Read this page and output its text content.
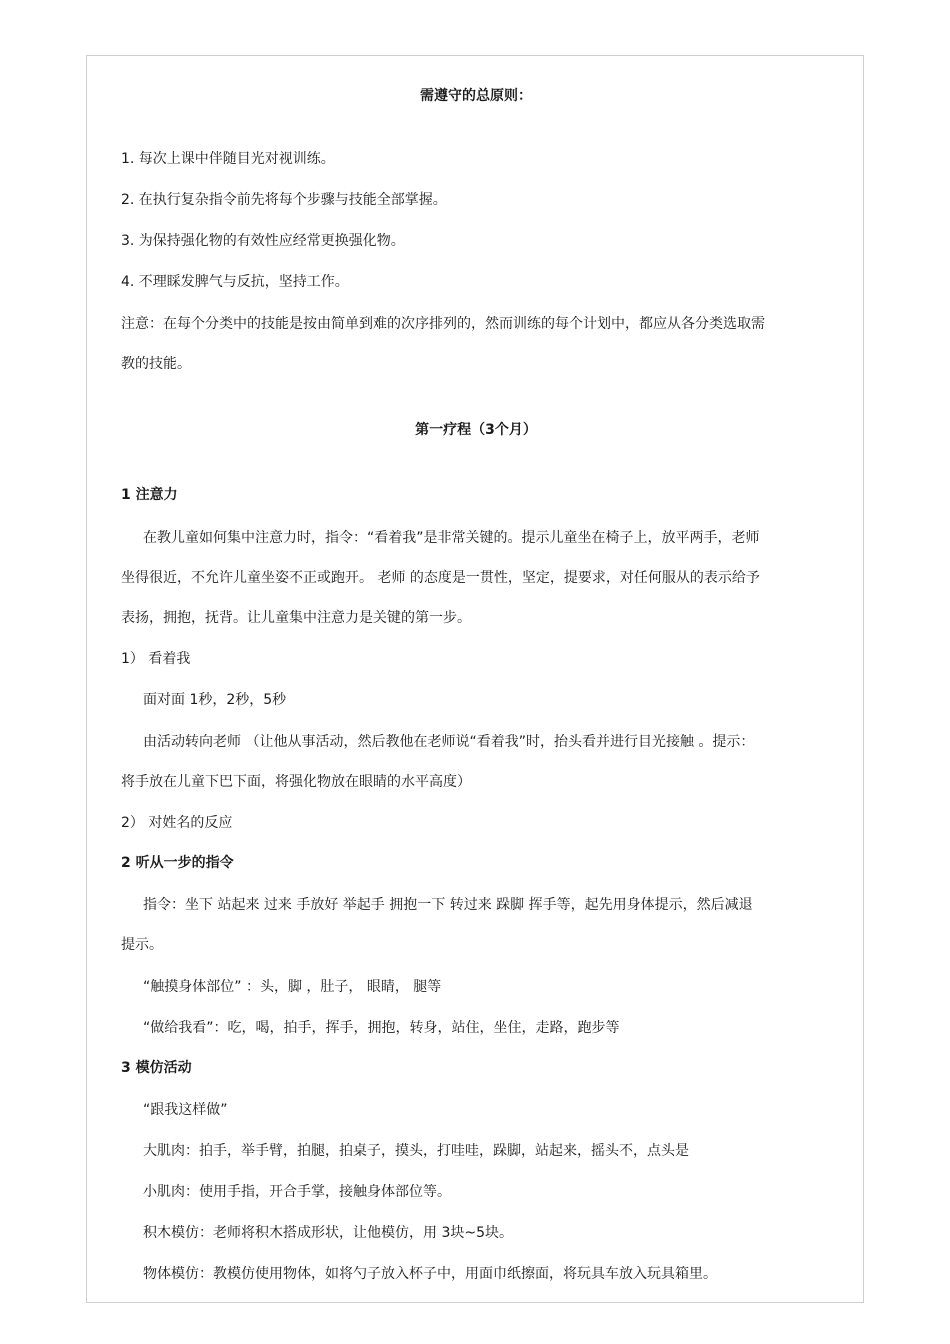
需遵守的总原则：
1. 每次上课中伴随目光对视训练。
2. 在执行复杂指令前先将每个步骤与技能全部掌握。
3. 为保持强化物的有效性应经常更换强化物。
4. 不理睬发脾气与反抗，坚持工作。
注意：在每个分类中的技能是按由简单到难的次序排列的，然而训练的每个计划中，都应从各分类选取需
教的技能。
第一疗程（3个月）
1 注意力
在教儿童如何集中注意力时，指令：“看着我”是非常关键的。提示儿童坐在椅子上，放平两手，老师
坐得很近，不允许儿童坐姿不正或跑开。 老师 的态度是一贯性，坚定，提要求，对任何服从的表示给予
表扬，拥抱，抚背。让儿童集中注意力是关键的第一步。
1） 看着我
面对面 1秒，2秒，5秒
由活动转向老师 （让他从事活动，然后教他在老师说“看着我”时，抬头看并进行目光接触 。提示：
将手放在儿童下巴下面，将强化物放在眼睛的水平高度）
2） 对姓名的反应
2 听从一步的指令
指令：坐下 站起来 过来 手放好 举起手 拥抱一下 转过来 跺脚 挥手等，起先用身体提示，然后减退
提示。
“触摸身体部位” ：头，脚 ，肚子， 眼睛， 腿等
“做给我看”：吃，喝，拍手，挥手，拥抱，转身，站住，坐住，走路，跑步等
3 模仿活动
“跟我这样做”
大肌肉：拍手，举手臂，拍腿，拍桌子，摸头，打哇哇，跺脚，站起来，摇头不，点头是
小肌肉：使用手指，开合手掌，接触身体部位等。
积木模仿：老师将积木搭成形状，让他模仿，用 3块~5块。
物体模仿：教模仿使用物体，如将勺子放入杯子中，用面巾纸擦面，将玩具车放入玩具箱里。
